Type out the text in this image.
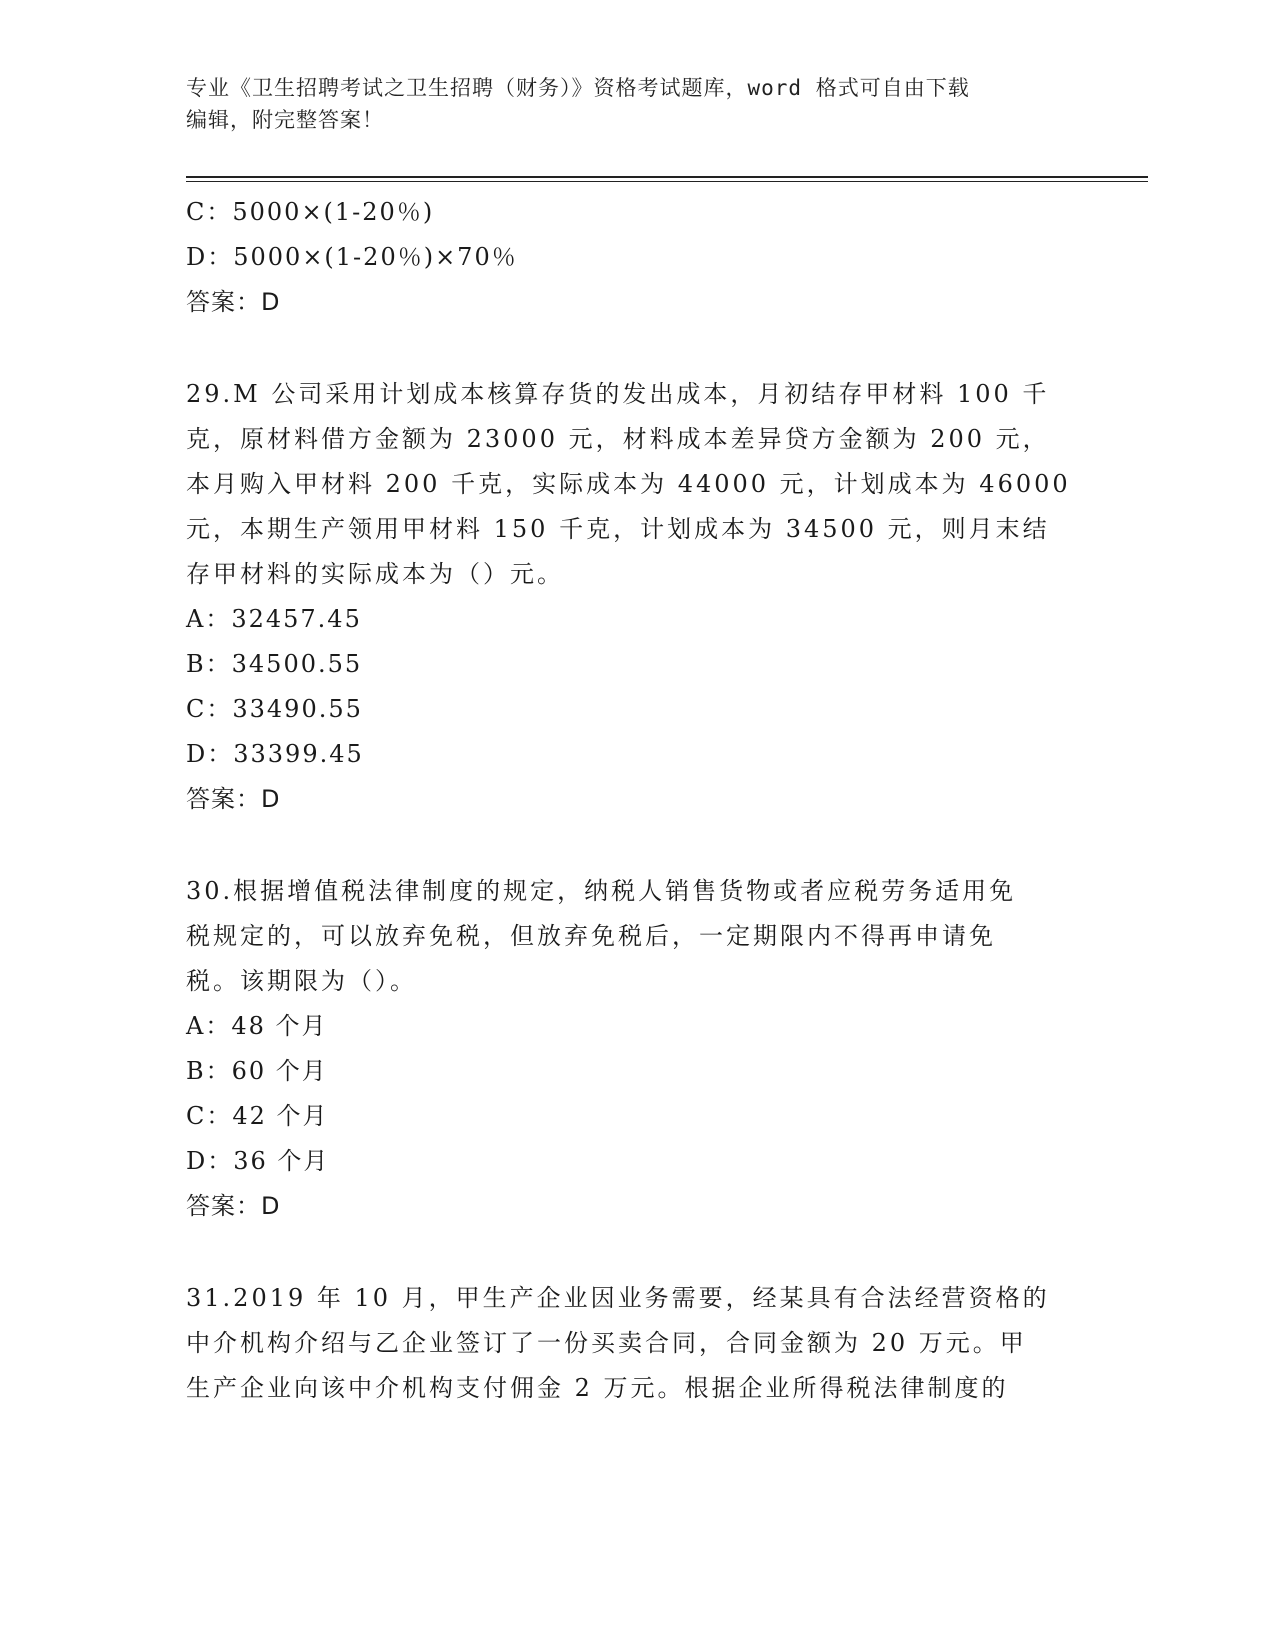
专业《卫生招聘考试之卫生招聘（财务）》资格考试题库，word 格式可自由下载
编辑，附完整答案！
C：5000×(1-20％)
D：5000×(1-20％)×70％
答案：D
29.M 公司采用计划成本核算存货的发出成本，月初结存甲材料 100 千
克，原材料借方金额为 23000 元，材料成本差异贷方金额为 200 元，
本月购入甲材料 200 千克，实际成本为 44000 元，计划成本为 46000
元，本期生产领用甲材料 150 千克，计划成本为 34500 元，则月末结
存甲材料的实际成本为（）元。
A：32457.45
B：34500.55
C：33490.55
D：33399.45
答案：D
30.根据增值税法律制度的规定，纳税人销售货物或者应税劳务适用免
税规定的，可以放弃免税，但放弃免税后，一定期限内不得再申请免
税。该期限为（）。
A：48 个月
B：60 个月
C：42 个月
D：36 个月
答案：D
31.2019 年 10 月，甲生产企业因业务需要，经某具有合法经营资格的
中介机构介绍与乙企业签订了一份买卖合同，合同金额为 20 万元。甲
生产企业向该中介机构支付佣金 2 万元。根据企业所得税法律制度的
